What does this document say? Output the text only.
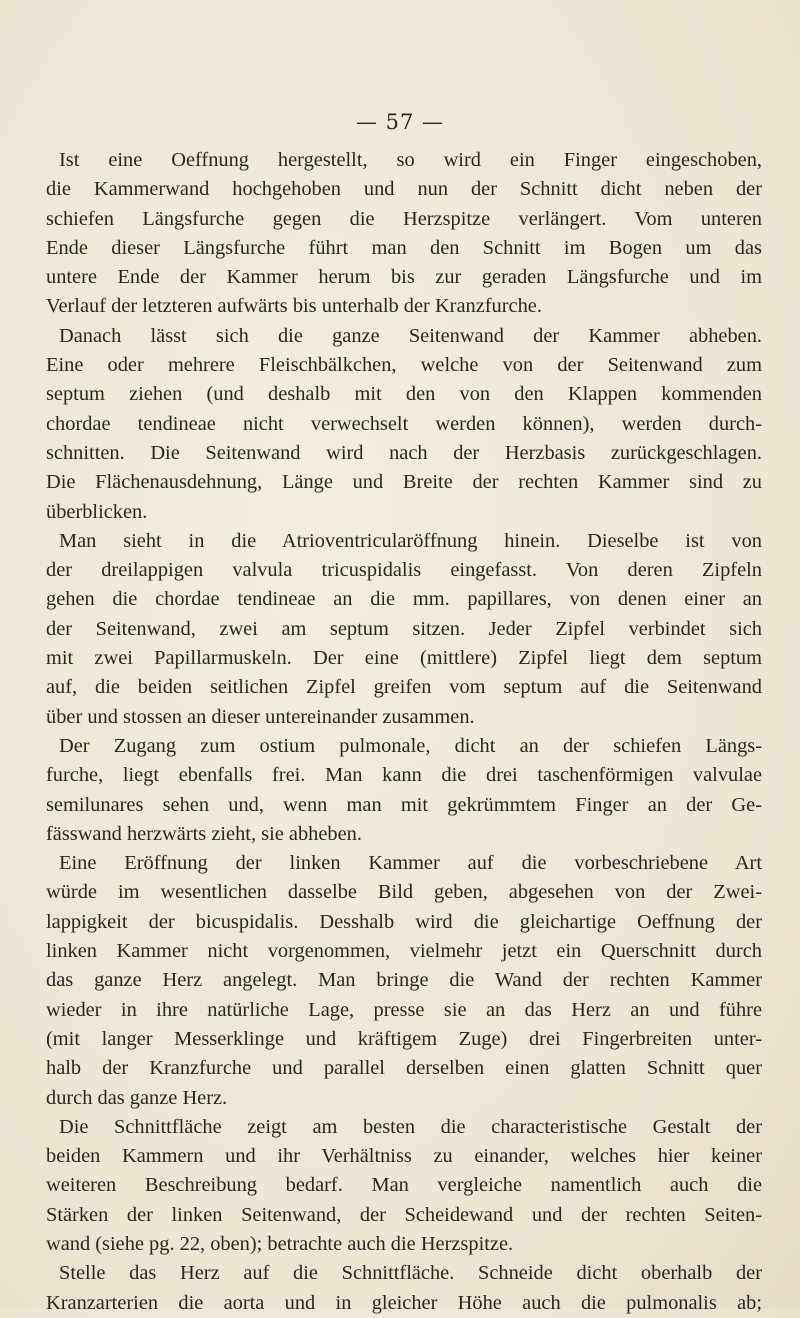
— 57 —
Ist eine Oeffnung hergestellt, so wird ein Finger eingeschoben,
die Kammerwand hochgehoben und nun der Schnitt dicht neben der
schiefen Längsfurche gegen die Herzspitze verlängert. Vom unteren
Ende dieser Längsfurche führt man den Schnitt im Bogen um das
untere Ende der Kammer herum bis zur geraden Längsfurche und im
Verlauf der letzteren aufwärts bis unterhalb der Kranzfurche.
Danach lässt sich die ganze Seitenwand der Kammer abheben.
Eine oder mehrere Fleischbälkchen, welche von der Seitenwand zum
septum ziehen (und deshalb mit den von den Klappen kommenden
chordae tendineae nicht verwechselt werden können), werden durch-
schnitten. Die Seitenwand wird nach der Herzbasis zurückgeschlagen.
Die Flächenausdehnung, Länge und Breite der rechten Kammer sind zu
überblicken.
Man sieht in die Atrioventricularöffnung hinein. Dieselbe ist von
der dreilappigen valvula tricuspidalis eingefasst. Von deren Zipfeln
gehen die chordae tendineae an die mm. papillares, von denen einer an
der Seitenwand, zwei am septum sitzen. Jeder Zipfel verbindet sich
mit zwei Papillarmuskeln. Der eine (mittlere) Zipfel liegt dem septum
auf, die beiden seitlichen Zipfel greifen vom septum auf die Seitenwand
über und stossen an dieser untereinander zusammen.
Der Zugang zum ostium pulmonale, dicht an der schiefen Längs-
furche, liegt ebenfalls frei. Man kann die drei taschenförmigen valvulae
semilunares sehen und, wenn man mit gekrümmtem Finger an der Ge-
fässwand herzwärts zieht, sie abheben.
Eine Eröffnung der linken Kammer auf die vorbeschriebene Art
würde im wesentlichen dasselbe Bild geben, abgesehen von der Zwei-
lappigkeit der bicuspidalis. Desshalb wird die gleichartige Oeffnung der
linken Kammer nicht vorgenommen, vielmehr jetzt ein Querschnitt durch
das ganze Herz angelegt. Man bringe die Wand der rechten Kammer
wieder in ihre natürliche Lage, presse sie an das Herz an und führe
(mit langer Messerklinge und kräftigem Zuge) drei Fingerbreiten unter-
halb der Kranzfurche und parallel derselben einen glatten Schnitt quer
durch das ganze Herz.
Die Schnittfläche zeigt am besten die characteristische Gestalt der
beiden Kammern und ihr Verhältniss zu einander, welches hier keiner
weiteren Beschreibung bedarf. Man vergleiche namentlich auch die
Stärken der linken Seitenwand, der Scheidewand und der rechten Seiten-
wand (siehe pg. 22, oben); betrachte auch die Herzspitze.
Stelle das Herz auf die Schnittfläche. Schneide dicht oberhalb der
Kranzarterien die aorta und in gleicher Höhe auch die pulmonalis ab;
